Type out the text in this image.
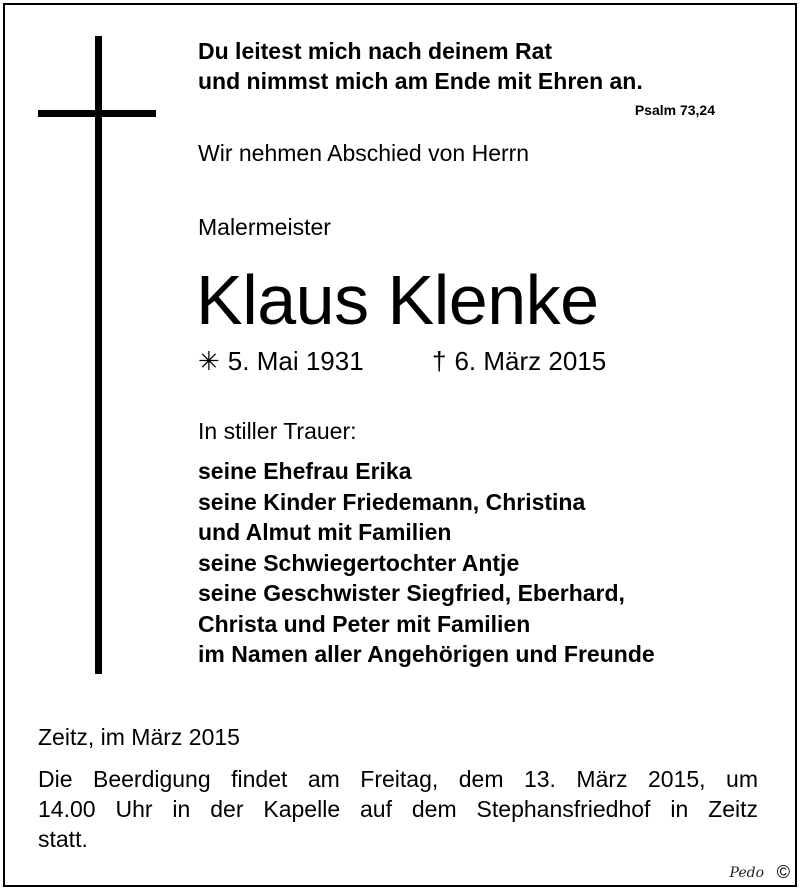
Du leitest mich nach deinem Rat
und nimmst mich am Ende mit Ehren an.
Psalm 73,24
Wir nehmen Abschied von Herrn
Malermeister
Klaus Klenke
✳ 5. Mai 1931	† 6. März 2015
In stiller Trauer:
seine Ehefrau Erika
seine Kinder Friedemann, Christina
und Almut mit Familien
seine Schwiegertochter Antje
seine Geschwister Siegfried, Eberhard,
Christa und Peter mit Familien
im Namen aller Angehörigen und Freunde
Zeitz, im März 2015
Die Beerdigung findet am Freitag, dem 13. März 2015, um
14.00 Uhr in der Kapelle auf dem Stephansfriedhof in Zeitz
statt.
Pedo ©
